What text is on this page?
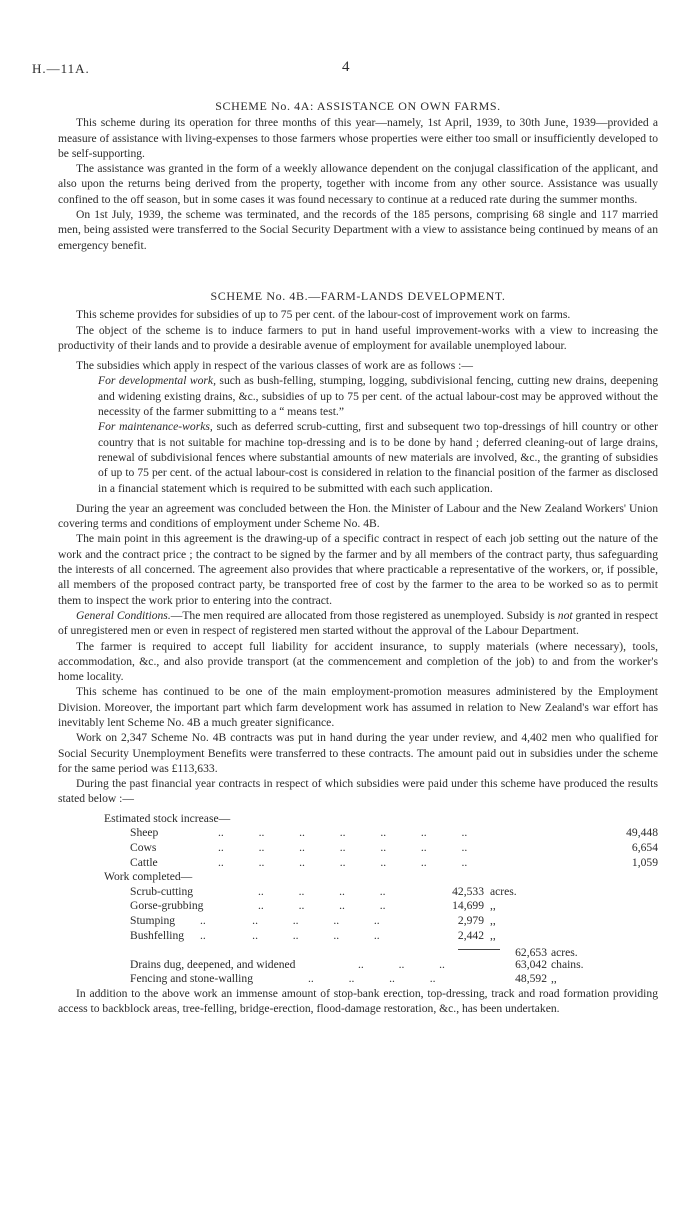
H.—11A.	4
SCHEME No. 4A: ASSISTANCE ON OWN FARMS.

This scheme during its operation for three months of this year—namely, 1st April, 1939, to 30th June, 1939—provided a measure of assistance with living-expenses to those farmers whose properties were either too small or insufficiently developed to be self-supporting.

The assistance was granted in the form of a weekly allowance dependent on the conjugal classification of the applicant, and also upon the returns being derived from the property, together with income from any other source. Assistance was usually confined to the off season, but in some cases it was found necessary to continue at a reduced rate during the summer months.

On 1st July, 1939, the scheme was terminated, and the records of the 185 persons, comprising 68 single and 117 married men, being assisted were transferred to the Social Security Department with a view to assistance being continued by means of an emergency benefit.

SCHEME No. 4B.—FARM-LANDS DEVELOPMENT.

This scheme provides for subsidies of up to 75 per cent. of the labour-cost of improvement work on farms.

The object of the scheme is to induce farmers to put in hand useful improvement-works with a view to increasing the productivity of their lands and to provide a desirable avenue of employment for available unemployed labour.

The subsidies which apply in respect of the various classes of work are as follows :—

For developmental work, such as bush-felling, stumping, logging, subdivisional fencing, cutting new drains, deepening and widening existing drains, &c., subsidies of up to 75 per cent. of the actual labour-cost may be approved without the necessity of the farmer submitting to a “ means test.”

For maintenance-works, such as deferred scrub-cutting, first and subsequent two top-dressings of hill country or other country that is not suitable for machine top-dressing and is to be done by hand ; deferred cleaning-out of large drains, renewal of subdivisional fences where substantial amounts of new materials are involved, &c., the granting of subsidies of up to 75 per cent. of the actual labour-cost is considered in relation to the financial position of the farmer as disclosed in a financial statement which is required to be submitted with each such application.

During the year an agreement was concluded between the Hon. the Minister of Labour and the New Zealand Workers' Union covering terms and conditions of employment under Scheme No. 4B.

The main point in this agreement is the drawing-up of a specific contract in respect of each job setting out the nature of the work and the contract price ; the contract to be signed by the farmer and by all members of the contract party, thus safeguarding the interests of all concerned. The agreement also provides that where practicable a representative of the workers, or, if possible, all members of the proposed contract party, be transported free of cost by the farmer to the area to be worked so as to permit them to inspect the work prior to entering into the contract.

General Conditions.—The men required are allocated from those registered as unemployed. Subsidy is not granted in respect of unregistered men or even in respect of registered men started without the approval of the Labour Department.

The farmer is required to accept full liability for accident insurance, to supply materials (where necessary), tools, accommodation, &c., and also provide transport (at the commencement and completion of the job) to and from the worker's home locality.

This scheme has continued to be one of the main employment-promotion measures administered by the Employment Division. Moreover, the important part which farm development work has assumed in relation to New Zealand's war effort has inevitably lent Scheme No. 4B a much greater significance.

Work on 2,347 Scheme No. 4B contracts was put in hand during the year under review, and 4,402 men who qualified for Social Security Unemployment Benefits were transferred to these contracts. The amount paid out in subsidies under the scheme for the same period was £113,633.

During the past financial year contracts in respect of which subsidies were paid under this scheme have produced the results stated below :—

Estimated stock increase—
Sheep	..            ..            ..            ..            ..            ..            ..	49,448
Cows	..            ..            ..            ..            ..            ..            ..	6,654
Cattle	..            ..            ..            ..            ..            ..            ..	1,059
Work completed—
Scrub-cutting	..            ..            ..            ..	42,533 acres.
Gorse-grubbing	..            ..            ..            ..	14,699 ,,
Stumping ..                ..            ..            ..            ..	2,979 ,,
Bushfelling ..                ..            ..            ..            ..	2,442 ,,
62,653 acres.
Drains dug, deepened, and widened	..            ..            ..	63,042 chains.
Fencing and stone-walling	..            ..            ..            ..	48,592 ,,

In addition to the above work an immense amount of stop-bank erection, top-dressing, track and road formation providing access to backblock areas, tree-felling, bridge-erection, flood-damage restoration, &c., has been undertaken.
